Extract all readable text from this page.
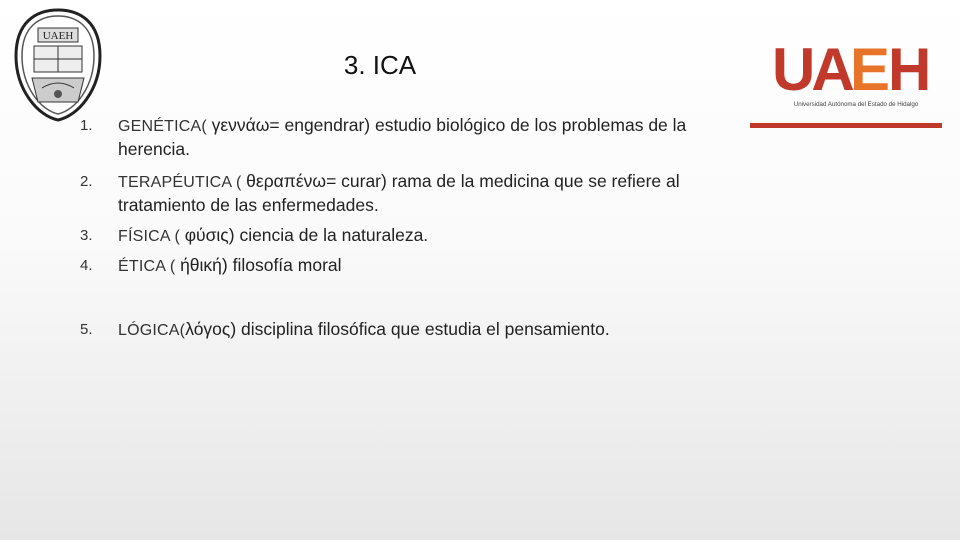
UAEH
3. ICA	UA E H
Universidad Autónoma del Estado de Hidalgo
1. GENÉTICA( γεννάω= engendrar) estudio biológico de los problemas de la herencia.
2. TERAPÉUTICA ( θεραπένω= curar) rama de la medicina que se refiere al tratamiento de las enfermedades.
3. FÍSICA ( φύσις) ciencia de la naturaleza.
4. ÉTICA ( ήθική) filosofía moral
5. LÓGICA(λόγος) disciplina filosófica que estudia el pensamiento.
